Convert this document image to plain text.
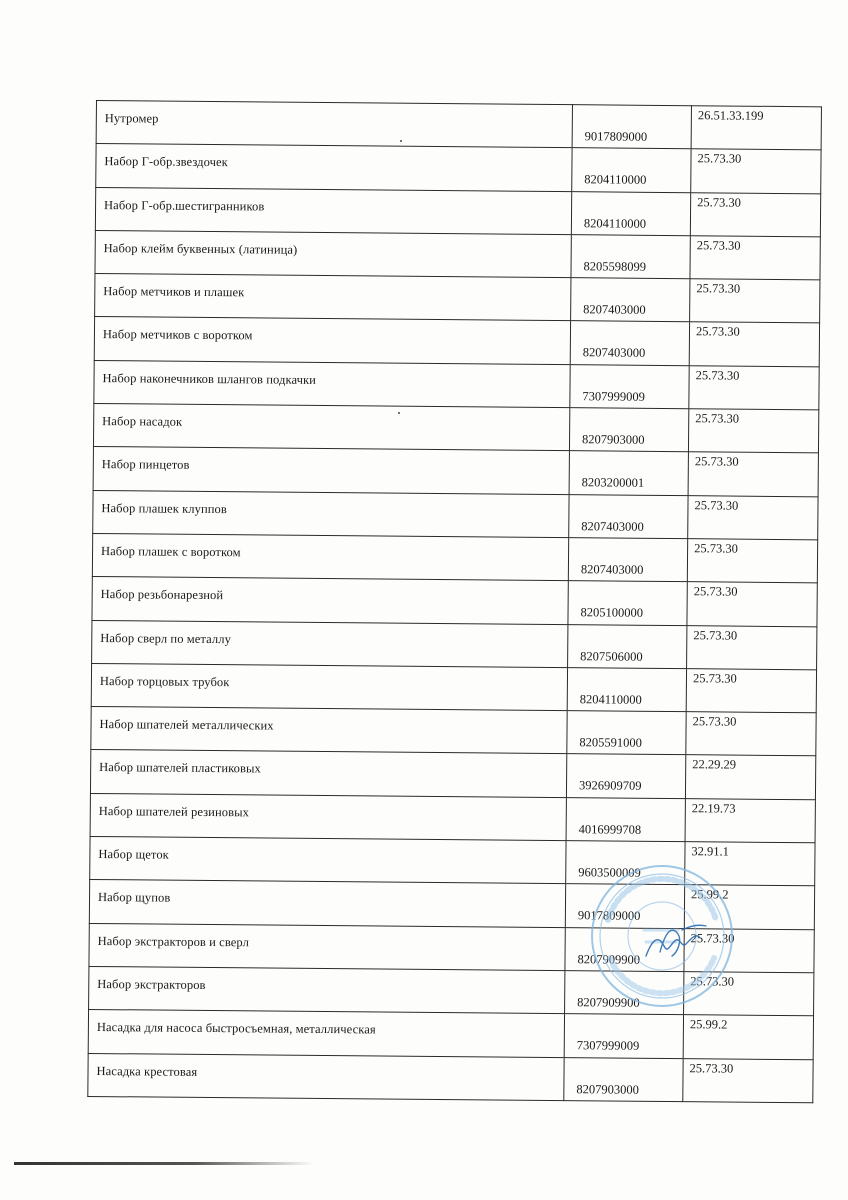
Нутромер	9017809000	26.51.33.199

Набор Г-обр.звездочек	8204110000	25.73.30

Набор Г-обр.шестигранников	8204110000	25.73.30

Набор клейм буквенных (латиница)	8205598099	25.73.30

Набор метчиков и плашек	8207403000	25.73.30

Набор метчиков с воротком	8207403000	25.73.30

Набор наконечников шлангов подкачки	7307999009	25.73.30

Набор насадок	8207903000	25.73.30

Набор пинцетов	8203200001	25.73.30

Набор плашек клуппов	8207403000	25.73.30

Набор плашек с воротком	8207403000	25.73.30

Набор резьбонарезной	8205100000	25.73.30

Набор сверл по металлу	8207506000	25.73.30

Набор торцовых трубок	8204110000	25.73.30

Набор шпателей металлических	8205591000	25.73.30

Набор шпателей пластиковых	3926909709	22.29.29

Набор шпателей резиновых	4016999708	22.19.73

Набор щеток	9603500009	32.91.1

Набор щупов	9017809000	25.99.2

Набор экстракторов и сверл	8207909900	25.73.30

Набор экстракторов	8207909900	25.73.30

Насадка для насоса быстросъемная, металлическая	7307999009	25.99.2

Насадка крестовая	8207903000	25.73.30
